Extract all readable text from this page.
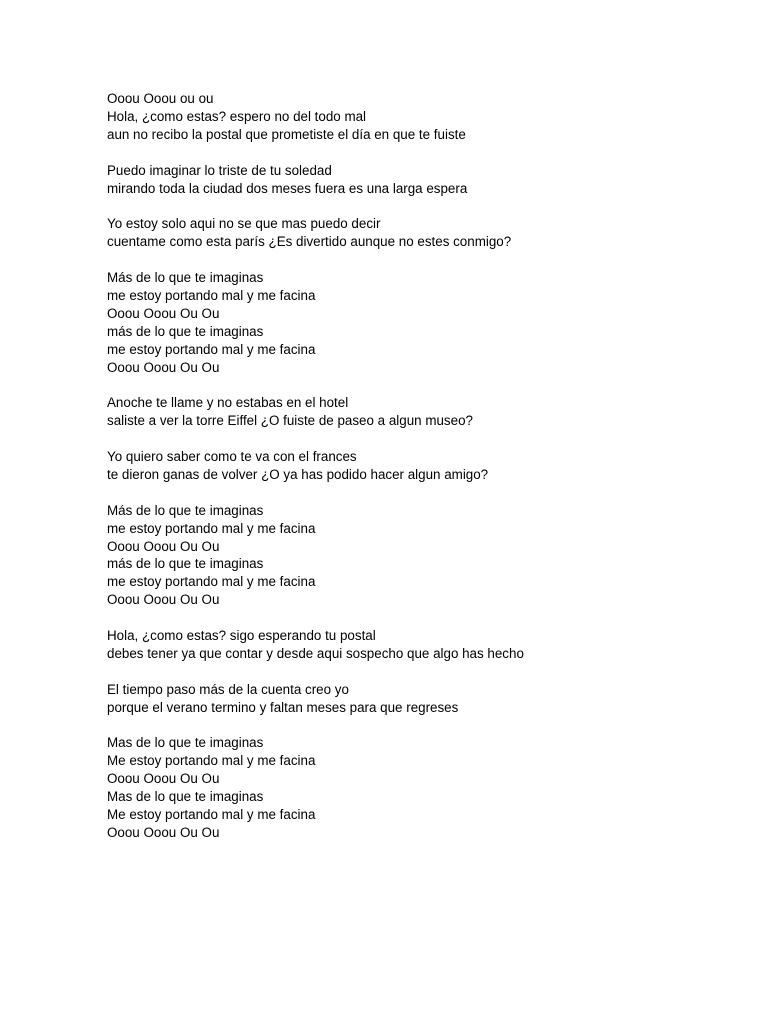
Ooou Ooou ou ou
Hola, ¿como estas? espero no del todo mal
aun no recibo la postal que prometiste el día en que te fuiste
Puedo imaginar lo triste de tu soledad
mirando toda la ciudad dos meses fuera es una larga espera
Yo estoy solo aqui no se que mas puedo decir
cuentame como esta parís ¿Es divertido aunque no estes conmigo?
Más de lo que te imaginas
me estoy portando mal y me facina
Ooou Ooou Ou Ou
más de lo que te imaginas
me estoy portando mal y me facina
Ooou Ooou Ou Ou
Anoche te llame y no estabas en el hotel
saliste a ver la torre Eiffel ¿O fuiste de paseo a algun museo?
Yo quiero saber como te va con el frances
te dieron ganas de volver ¿O ya has podido hacer algun amigo?
Más de lo que te imaginas
me estoy portando mal y me facina
Ooou Ooou Ou Ou
más de lo que te imaginas
me estoy portando mal y me facina
Ooou Ooou Ou Ou
Hola, ¿como estas? sigo esperando tu postal
debes tener ya que contar y desde aqui sospecho que algo has hecho
El tiempo paso más de la cuenta creo yo
porque el verano termino y faltan meses para que regreses
Mas de lo que te imaginas
Me estoy portando mal y me facina
Ooou Ooou Ou Ou
Mas de lo que te imaginas
Me estoy portando mal y me facina
Ooou Ooou Ou Ou
